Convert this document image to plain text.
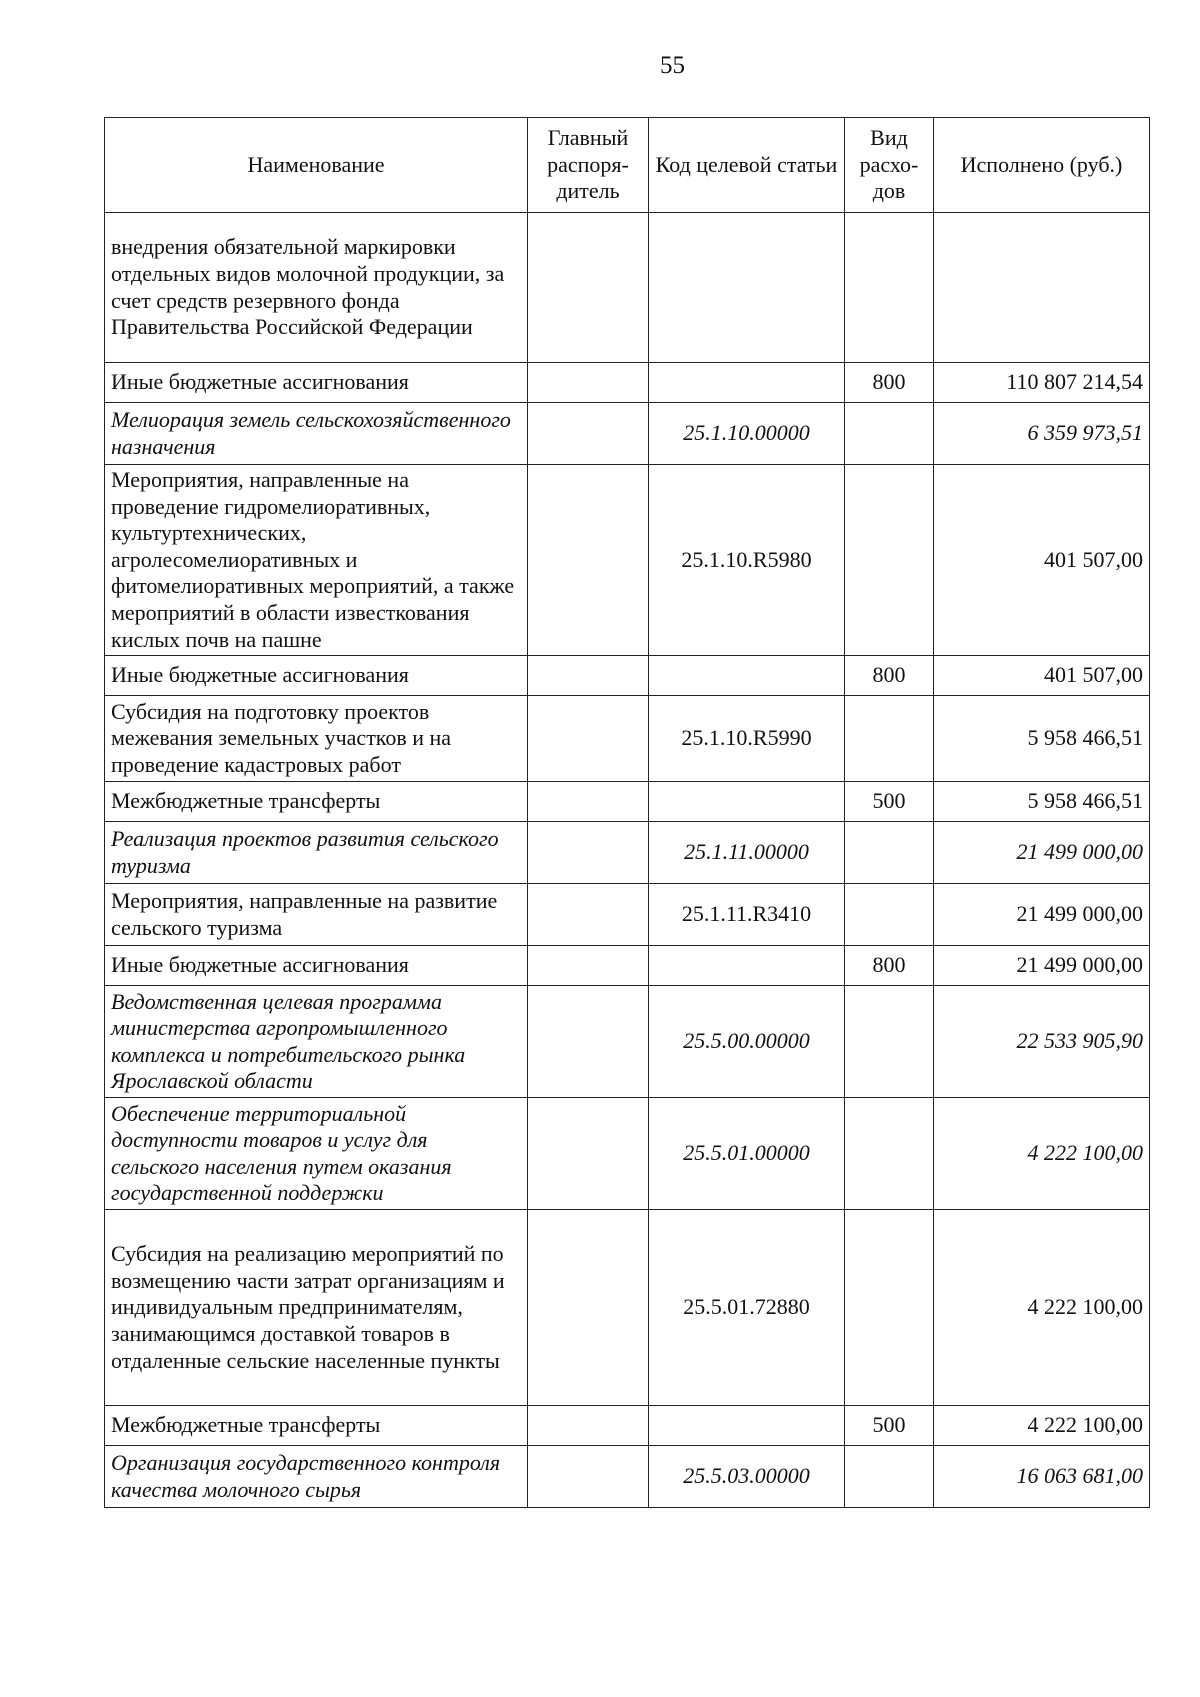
55
Наименование	Главный распоря-дитель	Код целевой статьи	Вид расхо-дов	Исполнено (руб.)
внедрения обязательной маркировки отдельных видов молочной продукции, за счет средств резервного фонда Правительства Российской Федерации				
Иные бюджетные ассигнования			800	110 807 214,54
Мелиорация земель сельскохозяйственного назначения		25.1.10.00000		6 359 973,51
Мероприятия, направленные на проведение гидромелиоративных, культуртехнических, агролесомелиоративных и фитомелиоративных мероприятий, а также мероприятий в области известкования кислых почв на пашне		25.1.10.R5980		401 507,00
Иные бюджетные ассигнования			800	401 507,00
Субсидия на подготовку проектов межевания земельных участков и на проведение кадастровых работ		25.1.10.R5990		5 958 466,51
Межбюджетные трансферты			500	5 958 466,51
Реализация проектов развития сельского туризма		25.1.11.00000		21 499 000,00
Мероприятия, направленные на развитие сельского туризма		25.1.11.R3410		21 499 000,00
Иные бюджетные ассигнования			800	21 499 000,00
Ведомственная целевая программа министерства агропромышленного комплекса и потребительского рынка Ярославской области		25.5.00.00000		22 533 905,90
Обеспечение территориальной доступности товаров и услуг для сельского населения путем оказания государственной поддержки		25.5.01.00000		4 222 100,00
Субсидия на реализацию мероприятий по возмещению части затрат организациям и индивидуальным предпринимателям, занимающимся доставкой товаров в отдаленные сельские населенные пункты		25.5.01.72880		4 222 100,00
Межбюджетные трансферты			500	4 222 100,00
Организация государственного контроля качества молочного сырья		25.5.03.00000		16 063 681,00
